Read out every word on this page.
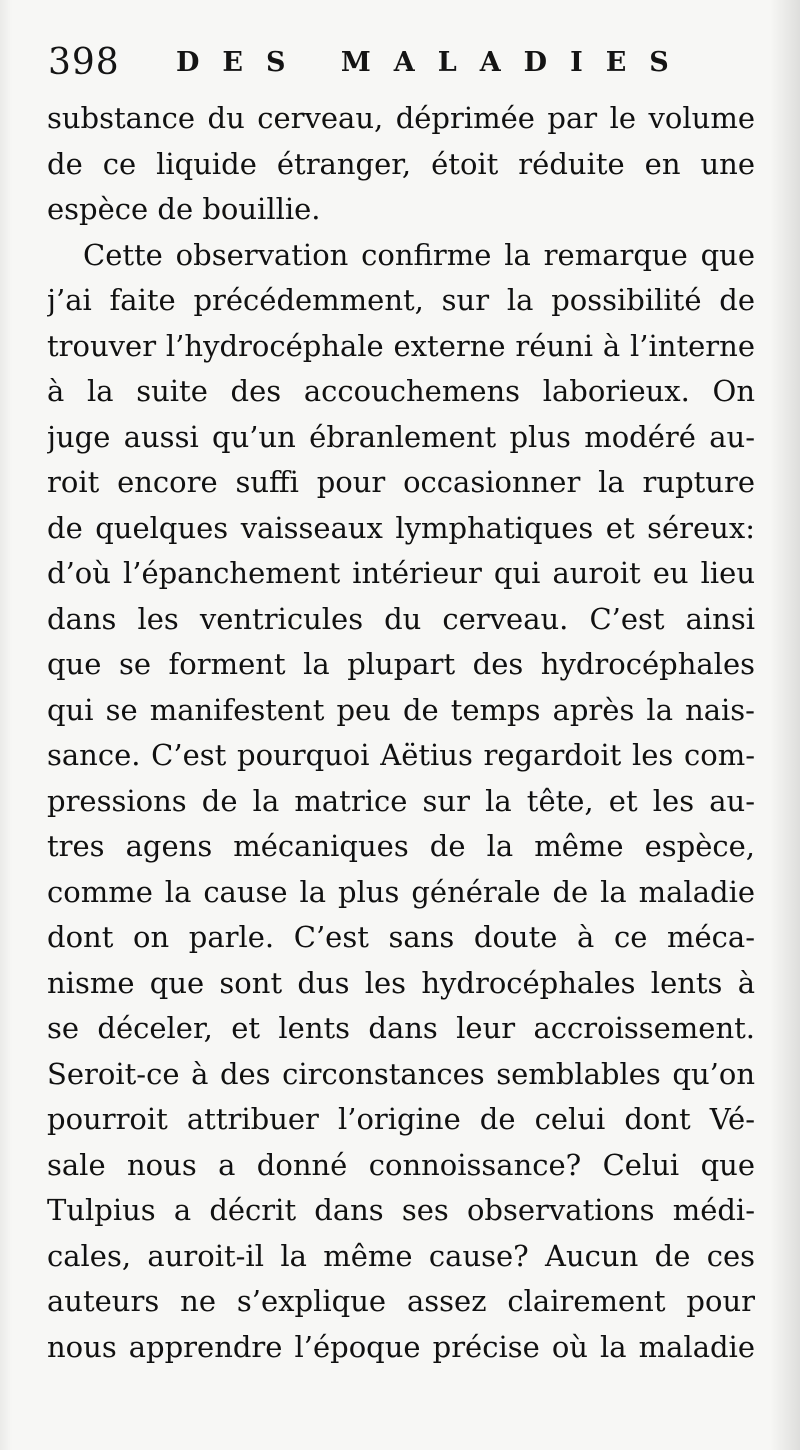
398 DES MALADIES
substance du cerveau, déprimée par le volume
de ce liquide étranger, étoit réduite en une
espèce de bouillie.
Cette observation confirme la remarque que
j’ai faite précédemment, sur la possibilité de
trouver l’hydrocéphale externe réuni à l’interne
à la suite des accouchemens laborieux. On
juge aussi qu’un ébranlement plus modéré au-
roit encore suffi pour occasionner la rupture
de quelques vaisseaux lymphatiques et séreux:
d’où l’épanchement intérieur qui auroit eu lieu
dans les ventricules du cerveau. C’est ainsi
que se forment la plupart des hydrocéphales
qui se manifestent peu de temps après la nais-
sance. C’est pourquoi Aëtius regardoit les com-
pressions de la matrice sur la tête, et les au-
tres agens mécaniques de la même espèce,
comme la cause la plus générale de la maladie
dont on parle. C’est sans doute à ce méca-
nisme que sont dus les hydrocéphales lents à
se déceler, et lents dans leur accroissement.
Seroit-ce à des circonstances semblables qu’on
pourroit attribuer l’origine de celui dont Vé-
sale nous a donné connoissance? Celui que
Tulpius a décrit dans ses observations médi-
cales, auroit-il la même cause? Aucun de ces
auteurs ne s’explique assez clairement pour
nous apprendre l’époque précise où la maladie
